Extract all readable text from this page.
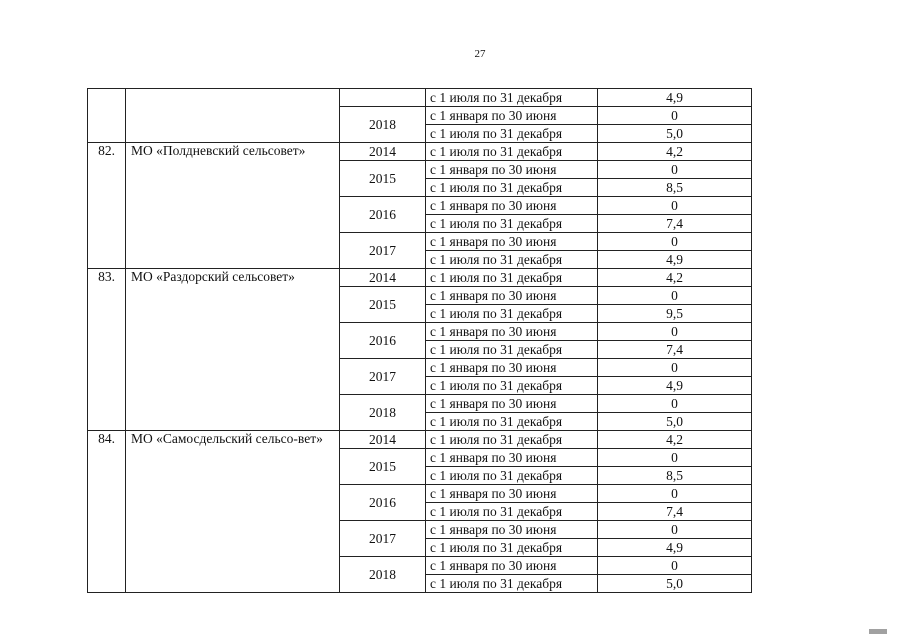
27
			с 1 июля по 31 декабря	4,9
		2018	с 1 января по 30 июня	0
			с 1 июля по 31 декабря	5,0
82.	МО «Полдневский сельсовет»	2014	с 1 июля по 31 декабря	4,2
		2015	с 1 января по 30 июня	0
			с 1 июля по 31 декабря	8,5
		2016	с 1 января по 30 июня	0
			с 1 июля по 31 декабря	7,4
		2017	с 1 января по 30 июня	0
			с 1 июля по 31 декабря	4,9
83.	МО «Раздорский сельсовет»	2014	с 1 июля по 31 декабря	4,2
		2015	с 1 января по 30 июня	0
			с 1 июля по 31 декабря	9,5
		2016	с 1 января по 30 июня	0
			с 1 июля по 31 декабря	7,4
		2017	с 1 января по 30 июня	0
			с 1 июля по 31 декабря	4,9
		2018	с 1 января по 30 июня	0
			с 1 июля по 31 декабря	5,0
84.	МО «Самосдельский сельсо-вет»	2014	с 1 июля по 31 декабря	4,2
		2015	с 1 января по 30 июня	0
			с 1 июля по 31 декабря	8,5
		2016	с 1 января по 30 июня	0
			с 1 июля по 31 декабря	7,4
		2017	с 1 января по 30 июня	0
			с 1 июля по 31 декабря	4,9
		2018	с 1 января по 30 июня	0
			с 1 июля по 31 декабря	5,0
